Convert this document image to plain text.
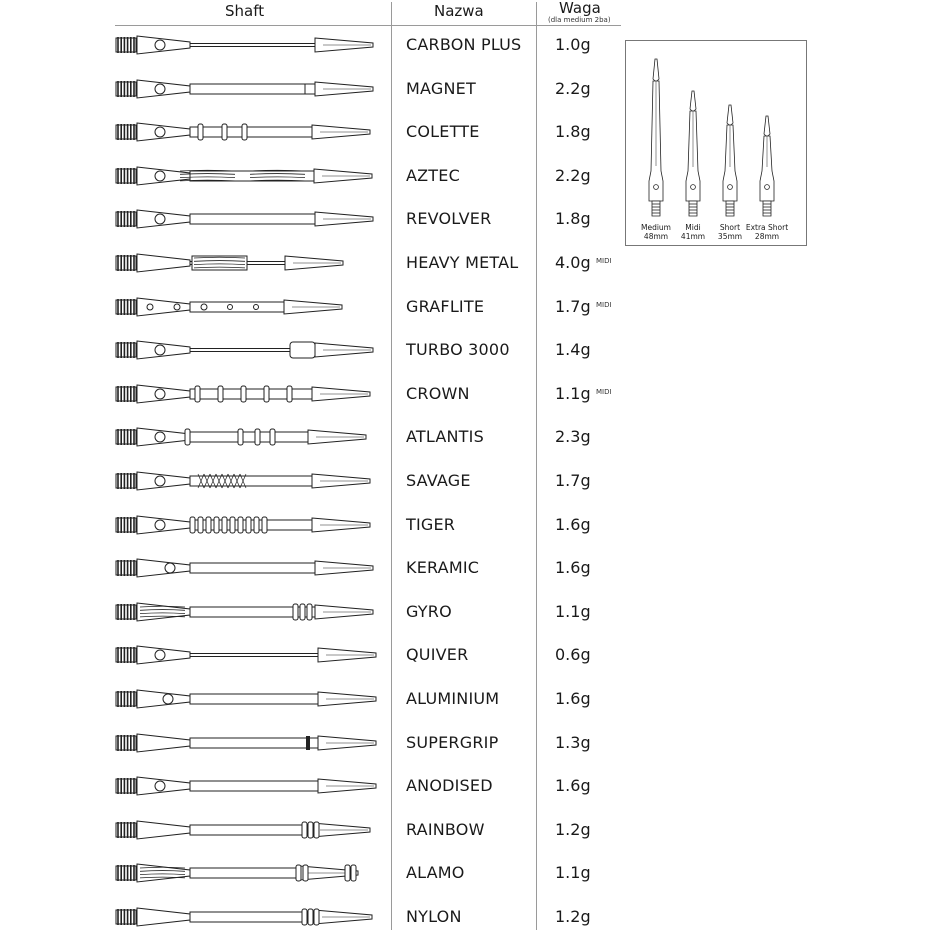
Shaft	Nazwa	Waga
(dla medium 2ba)
CARBON PLUS 1.0g
MAGNET	2.2g
COLETTE	1.8g
AZTEC	2.2g
REVOLVER	1.8g
HEAVY METAL 4.0g MIDI
GRAFLITE	1.7g MIDI
TURBO 3000	1.4g
CROWN	1.1g MIDI
ATLANTIS	2.3g
SAVAGE	1.7g
TIGER	1.6g
KERAMIC	1.6g
GYRO	1.1g
QUIVER	0.6g
ALUMINIUM	1.6g
SUPERGRIP	1.3g
ANODISED	1.6g
RAINBOW	1.2g
ALAMO	1.1g
NYLON	1.2g
Medium
48mm
Midi
41mm
Short
35mm
Extra Short
28mm
